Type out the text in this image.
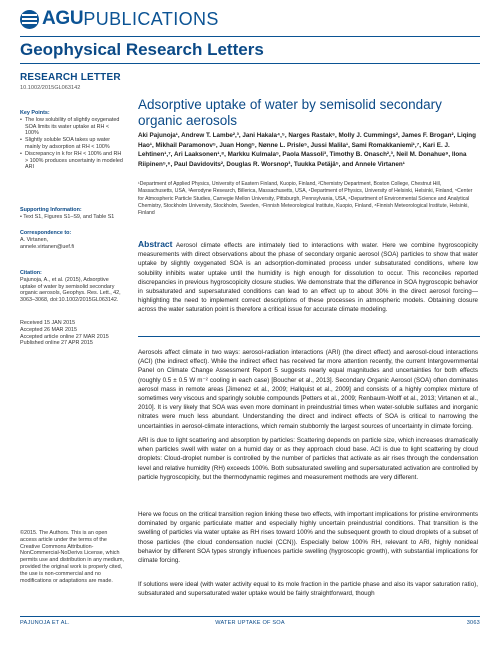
AGU PUBLICATIONS
Geophysical Research Letters
RESEARCH LETTER
10.1002/2015GL063142
Key Points:
• The low solubility of slightly oxygenated SOA limits its water uptake at RH < 100%
• Slightly soluble SOA takes up water mainly by adsorption at RH < 100%
• Discrepancy in k for RH < 100% and RH > 100% produces uncertainty in modeled ARI
Supporting Information:
• Text S1, Figures S1–S9, and Table S1
Correspondence to:
A. Virtanen,
annele.virtanen@uef.fi
Citation:
Pajunoja, A., et al. (2015), Adsorptive uptake of water by semisolid secondary organic aerosols, Geophys. Res. Lett., 42, 3063–3068, doi:10.1002/2015GL063142.
Received 15 JAN 2015
Accepted 26 MAR 2015
Accepted article online 27 MAR 2015
Published online 27 APR 2015
©2015. The Authors. This is an open access article under the terms of the Creative Commons Attribution-NonCommercial-NoDerivs License, which permits use and distribution in any medium, provided the original work is properly cited, the use is non-commercial and no modifications or adaptations are made.
Adsorptive uptake of water by semisolid secondary organic aerosols
Aki Pajunoja¹, Andrew T. Lambe²,³, Jani Hakala⁴,⁵, Narges Rastak⁶, Molly J. Cummings², James F. Brogan², Liqing Hao¹, Mikhail Paramonov⁵, Juan Hong⁵, Nønne L. Prisle⁵, Jussi Malila¹, Sami Romakkaniemi¹,⁷, Kari E. J. Lehtinen¹,⁷, Ari Laaksonen¹,⁸, Markku Kulmala⁵, Paola Massoli³, Timothy B. Onasch²,³, Neil M. Donahue⁹, Ilona Riipinen⁵,⁶, Paul Davidovits², Douglas R. Worsnop³, Tuukka Petäjä⁵, and Annele Virtanen¹
¹Department of Applied Physics, University of Eastern Finland, Kuopio, Finland, ²Chemistry Department, Boston College, Chestnut Hill, Massachusetts, USA, ³Aerodyne Research, Billerica, Massachusetts, USA, ⁴Department of Physics, University of Helsinki, Helsinki, Finland, ⁵Center for Atmospheric Particle Studies, Carnegie Mellon University, Pittsburgh, Pennsylvania, USA, ⁶Department of Environmental Science and Analytical Chemistry, Stockholm University, Stockholm, Sweden, ⁷Finnish Meteorological Institute, Kuopio, Finland, ⁸Finnish Meteorological Institute, Helsinki, Finland
Abstract Aerosol climate effects are intimately tied to interactions with water. Here we combine hygroscopicity measurements with direct observations about the phase of secondary organic aerosol (SOA) particles to show that water uptake by slightly oxygenated SOA is an adsorption-dominated process under subsaturated conditions, where low solubility inhibits water uptake until the humidity is high enough for dissolution to occur. This reconciles reported discrepancies in previous hygroscopicity closure studies. We demonstrate that the difference in SOA hygroscopic behavior in subsaturated and supersaturated conditions can lead to an effect up to about 30% in the direct aerosol forcing—highlighting the need to implement correct descriptions of these processes in atmospheric models. Obtaining closure across the water saturation point is therefore a critical issue for accurate climate modeling.
Aerosols affect climate in two ways: aerosol-radiation interactions (ARI) (the direct effect) and aerosol-cloud interactions (ACI) (the indirect effect). While the indirect effect has received far more attention recently, the current Intergovernmental Panel on Climate Change Assessment Report 5 suggests nearly equal magnitudes and uncertainties for both effects (roughly 0.5 ± 0.5 W m⁻² cooling in each case) [Boucher et al., 2013]. Secondary Organic Aerosol (SOA) often dominates aerosol mass in remote areas [Jimenez et al., 2009; Hallquist et al., 2009] and consists of a highly complex mixture of sometimes very viscous and sparingly soluble compounds [Petters et al., 2009; Renbaum-Wolff et al., 2013; Virtanen et al., 2010]. It is very likely that SOA was even more dominant in preindustrial times when water-soluble sulfates and inorganic nitrates were much less abundant. Understanding the direct and indirect effects of SOA is critical to narrowing the uncertainties in aerosol-climate interactions, which remain stubbornly the largest sources of uncertainty in climate forcing.
ARI is due to light scattering and absorption by particles: Scattering depends on particle size, which increases dramatically when particles swell with water on a humid day or as they approach cloud base. ACI is due to light scattering by cloud droplets: Cloud-droplet number is controlled by the number of particles that activate as air rises through the condensation level and relative humidity (RH) exceeds 100%. Both subsaturated swelling and supersaturated activation are controlled by particle hygroscopicity, but the thermodynamic regimes and measurement methods are very different.
Here we focus on the critical transition region linking these two effects, with important implications for pristine environments dominated by organic particulate matter and especially highly uncertain preindustrial conditions. That transition is the swelling of particles via water uptake as RH rises toward 100% and the subsequent growth to cloud droplets of a subset of those particles (the cloud condensation nuclei (CCN)). Especially below 100% RH, relevant to ARI, highly nonideal behavior by different SOA types strongly influences particle swelling (hygroscopic growth), with substantial implications for climate forcing.
If solutions were ideal (with water activity equal to its mole fraction in the particle phase and also its vapor saturation ratio), subsaturated and supersaturated water uptake would be fairly straightforward, though
PAJUNOJA ET AL.	WATER UPTAKE OF SOA	3063
